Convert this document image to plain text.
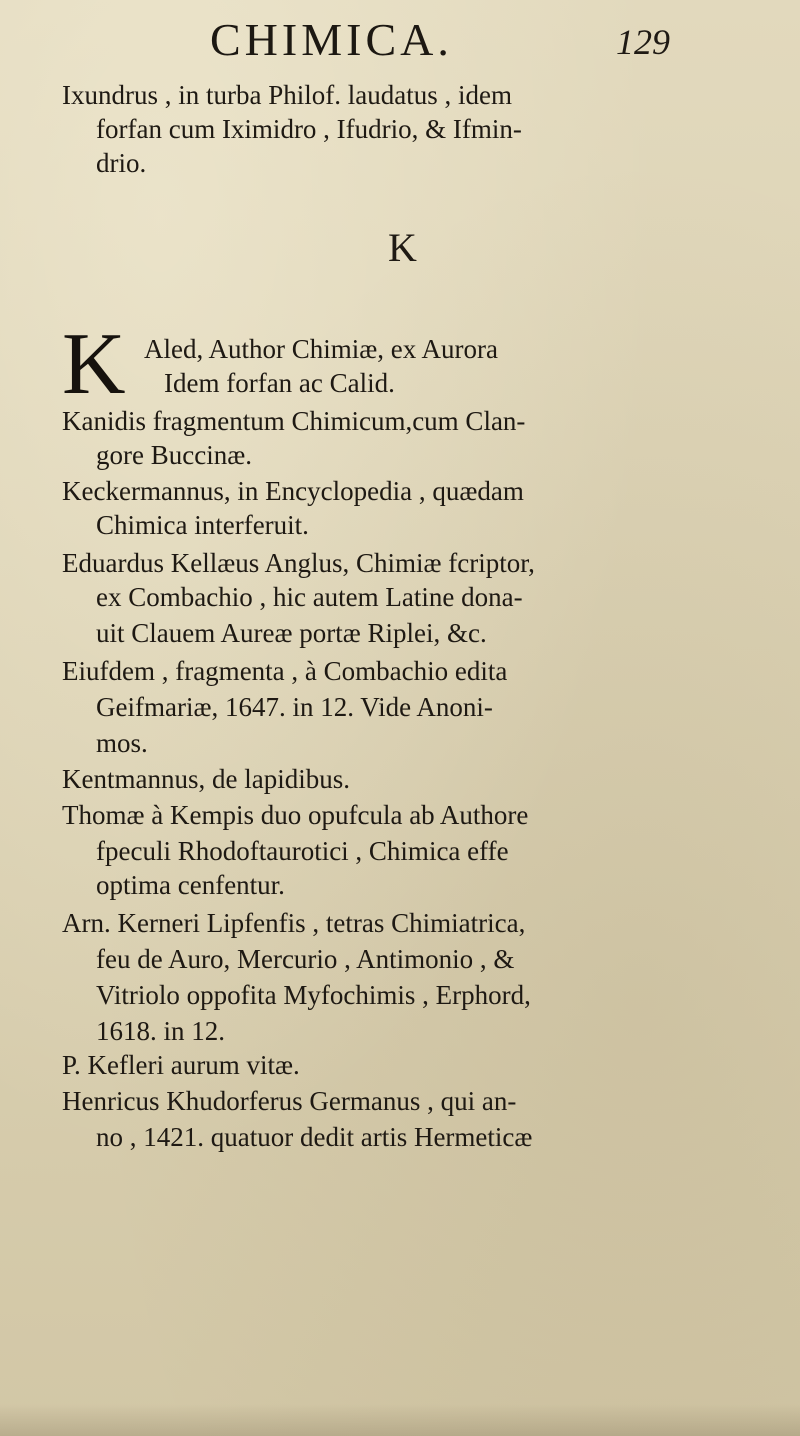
CHIMICA.	129
Ixundrus , in turba Philof. laudatus , idem
forfan cum Iximidro , Ifudrio, & Ifmin-
drio.
K
K Aled, Author Chimiæ, ex Aurora
Idem forfan ac Calid.
Kanidis fragmentum Chimicum,cum Clan-
gore Buccinæ.
Keckermannus, in Encyclopedia , quædam
Chimica interferuit.
Eduardus Kellæus Anglus, Chimiæ fcriptor,
ex Combachio , hic autem Latine dona-
uit Clauem Aureæ portæ Riplei, &c.
Eiufdem , fragmenta , à Combachio edita
Geifmariæ, 1647. in 12. Vide Anoni-
mos.
Kentmannus, de lapidibus.
Thomæ à Kempis duo opufcula ab Authore
fpeculi Rhodoftaurotici , Chimica effe
optima cenfentur.
Arn. Kerneri Lipfenfis , tetras Chimiatrica,
feu de Auro, Mercurio , Antimonio , &
Vitriolo oppofita Myfochimis , Erphord,
1618. in 12.
P. Kefleri aurum vitæ.
Henricus Khudorferus Germanus , qui an-
no , 1421. quatuor dedit artis Hermeticæ
